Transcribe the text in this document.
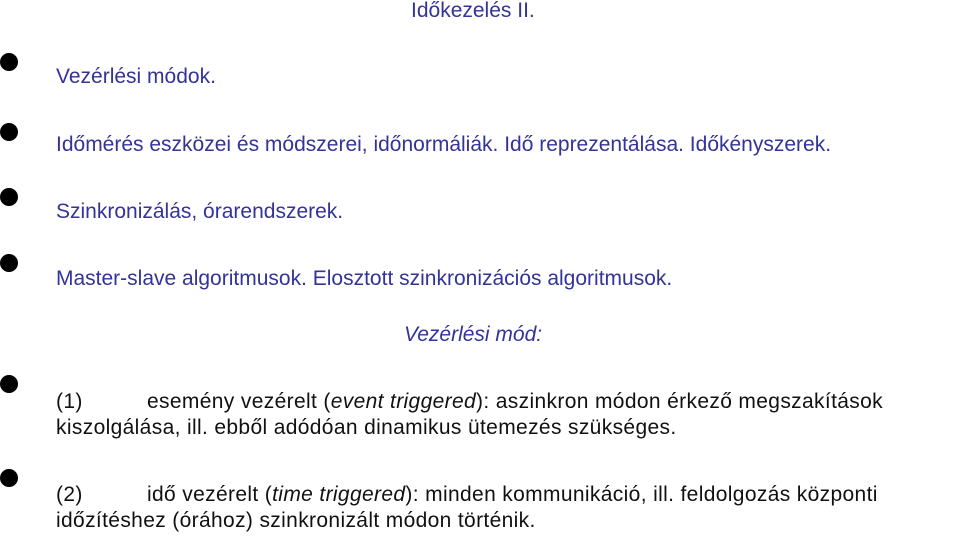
Időkezelés II.
Vezérlési módok.
Időmérés eszközei és módszerei, időnormáliák. Idő reprezentálása. Időkényszerek.
Szinkronizálás, órarendszerek.
Master-slave algoritmusok. Elosztott szinkronizációs algoritmusok.
Vezérlési mód:
(1)	esemény vezérelt (event triggered): aszinkron módon érkező megszakítások kiszolgálása, ill. ebből adódóan dinamikus ütemezés szükséges.
(2)	idő vezérelt (time triggered): minden kommunikáció, ill. feldolgozás központi időzítéshez (órához) szinkronizált módon történik.
